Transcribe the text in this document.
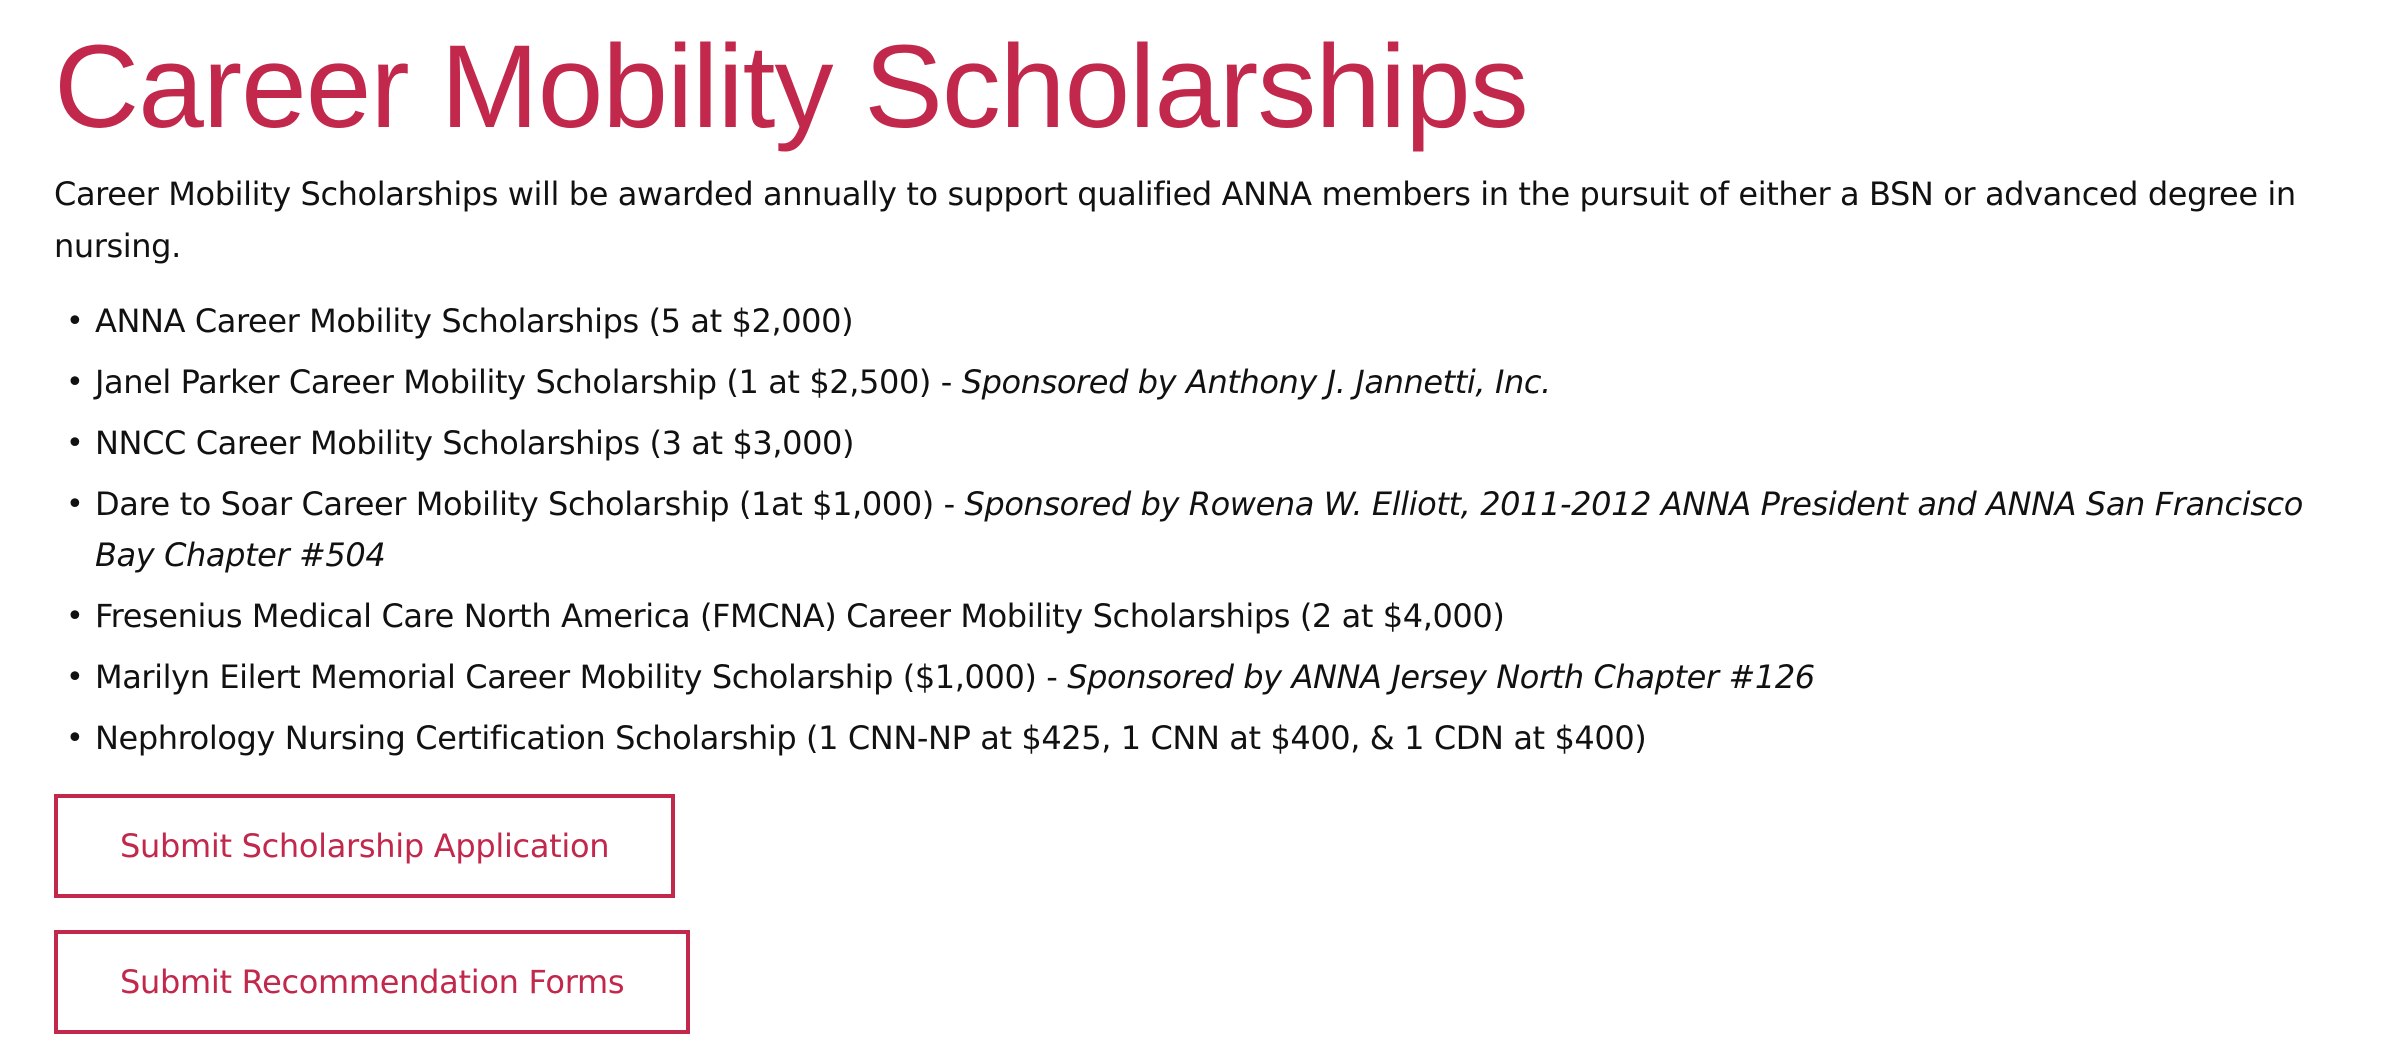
Career Mobility Scholarships

Career Mobility Scholarships will be awarded annually to support qualified ANNA members in the pursuit of either a BSN or advanced degree in nursing.

• ANNA Career Mobility Scholarships (5 at $2,000)
• Janel Parker Career Mobility Scholarship (1 at $2,500) - Sponsored by Anthony J. Jannetti, Inc.
• NNCC Career Mobility Scholarships (3 at $3,000)
• Dare to Soar Career Mobility Scholarship (1at $1,000) - Sponsored by Rowena W. Elliott, 2011-2012 ANNA President and ANNA San Francisco Bay Chapter #504
• Fresenius Medical Care North America (FMCNA) Career Mobility Scholarships (2 at $4,000)
• Marilyn Eilert Memorial Career Mobility Scholarship ($1,000) - Sponsored by ANNA Jersey North Chapter #126
• Nephrology Nursing Certification Scholarship (1 CNN-NP at $425, 1 CNN at $400, & 1 CDN at $400)
Submit Scholarship Application
Submit Recommendation Forms
